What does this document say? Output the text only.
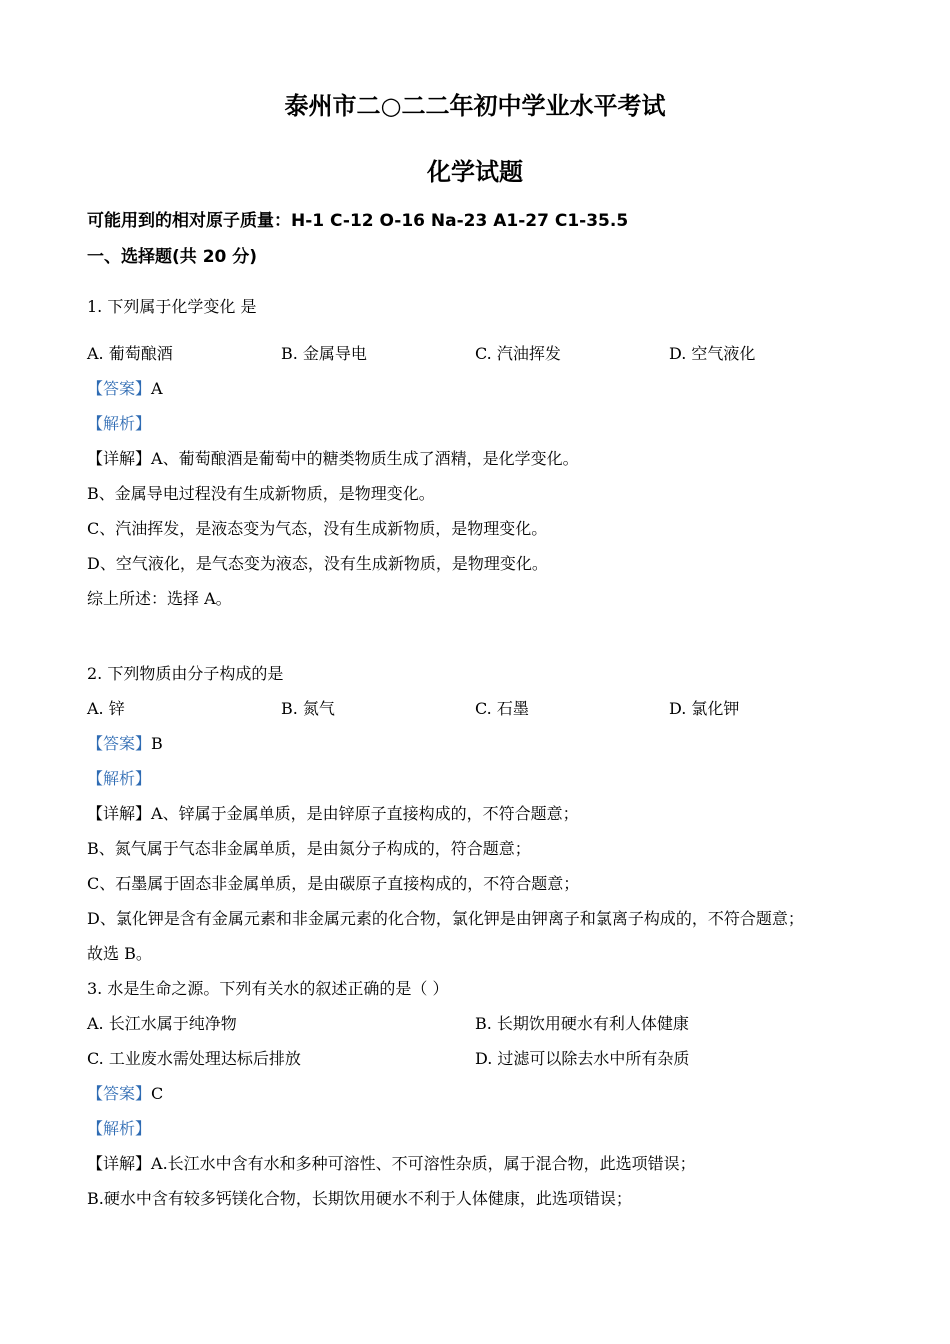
泰州市二○二二年初中学业水平考试
化学试题
可能用到的相对原子质量：H-1 C-12 O-16 Na-23 A1-27 C1-35.5
一、选择题(共 20 分)
1. 下列属于化学变化 是
A. 葡萄酿酒	B. 金属导电	C. 汽油挥发	D. 空气液化
【答案】A
【解析】
【详解】A、葡萄酿酒是葡萄中的糖类物质生成了酒精，是化学变化。
B、金属导电过程没有生成新物质，是物理变化。
C、汽油挥发，是液态变为气态，没有生成新物质，是物理变化。
D、空气液化，是气态变为液态，没有生成新物质，是物理变化。
综上所述：选择 A。
2. 下列物质由分子构成的是
A. 锌	B. 氮气	C. 石墨	D. 氯化钾
【答案】B
【解析】
【详解】A、锌属于金属单质，是由锌原子直接构成的，不符合题意；
B、氮气属于气态非金属单质，是由氮分子构成的，符合题意；
C、石墨属于固态非金属单质，是由碳原子直接构成的，不符合题意；
D、氯化钾是含有金属元素和非金属元素的化合物，氯化钾是由钾离子和氯离子构成的，不符合题意；
故选 B。
3. 水是生命之源。下列有关水的叙述正确的是（ ）
A. 长江水属于纯净物	B. 长期饮用硬水有利人体健康
C. 工业废水需处理达标后排放	D. 过滤可以除去水中所有杂质
【答案】C
【解析】
【详解】A.长江水中含有水和多种可溶性、不可溶性杂质，属于混合物，此选项错误；
B.硬水中含有较多钙镁化合物，长期饮用硬水不利于人体健康，此选项错误；
